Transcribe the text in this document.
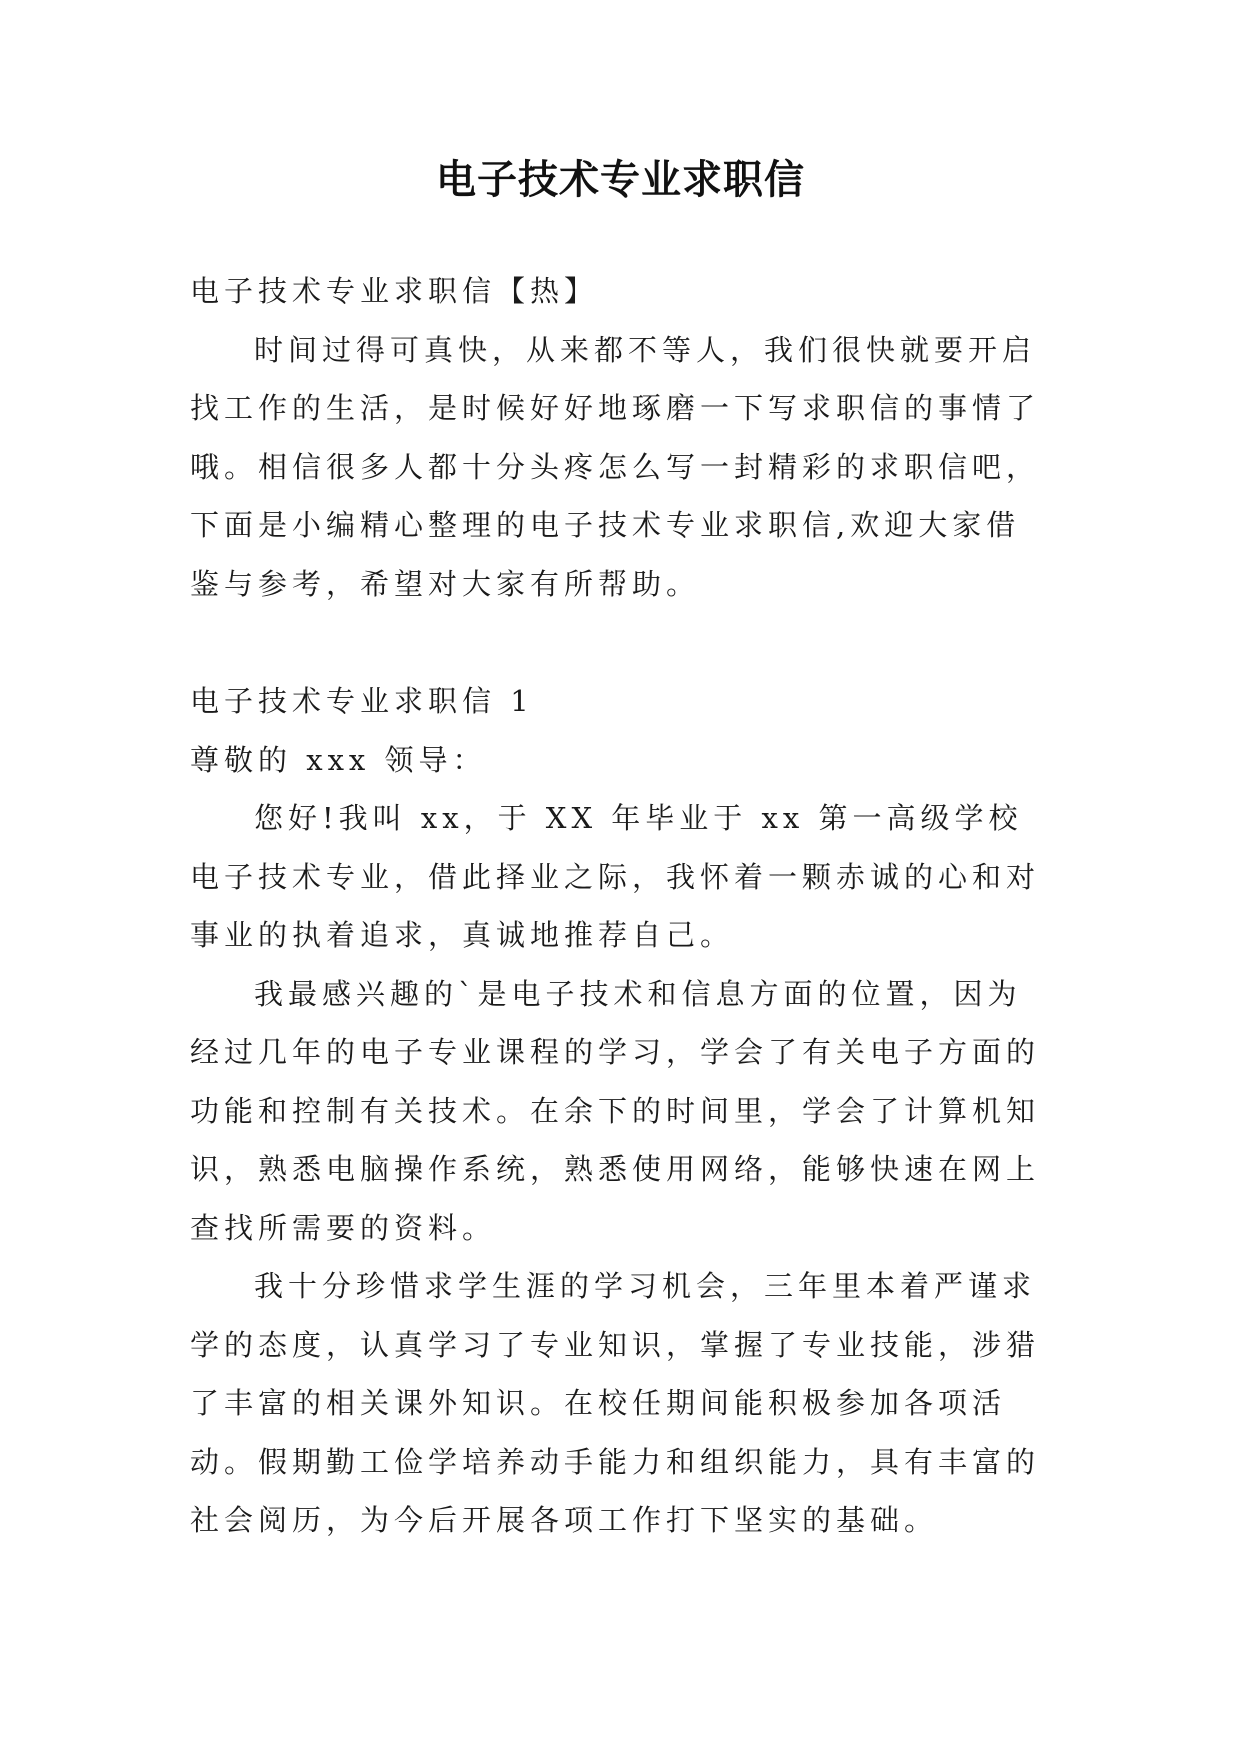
电子技术专业求职信

电子技术专业求职信【热】

时间过得可真快，从来都不等人，我们很快就要开启找工作的生活，是时候好好地琢磨一下写求职信的事情了哦。相信很多人都十分头疼怎么写一封精彩的求职信吧，下面是小编精心整理的电子技术专业求职信,欢迎大家借鉴与参考，希望对大家有所帮助。

电子技术专业求职信 1

尊敬的 xxx 领导：

您好!我叫 xx，于 XX 年毕业于 xx 第一高级学校电子技术专业，借此择业之际，我怀着一颗赤诚的心和对事业的执着追求，真诚地推荐自己。

我最感兴趣的`是电子技术和信息方面的位置，因为经过几年的电子专业课程的学习，学会了有关电子方面的功能和控制有关技术。在余下的时间里，学会了计算机知识，熟悉电脑操作系统，熟悉使用网络，能够快速在网上查找所需要的资料。

我十分珍惜求学生涯的学习机会，三年里本着严谨求学的态度，认真学习了专业知识，掌握了专业技能，涉猎了丰富的相关课外知识。在校任期间能积极参加各项活动。假期勤工俭学培养动手能力和组织能力，具有丰富的社会阅历，为今后开展各项工作打下坚实的基础。
